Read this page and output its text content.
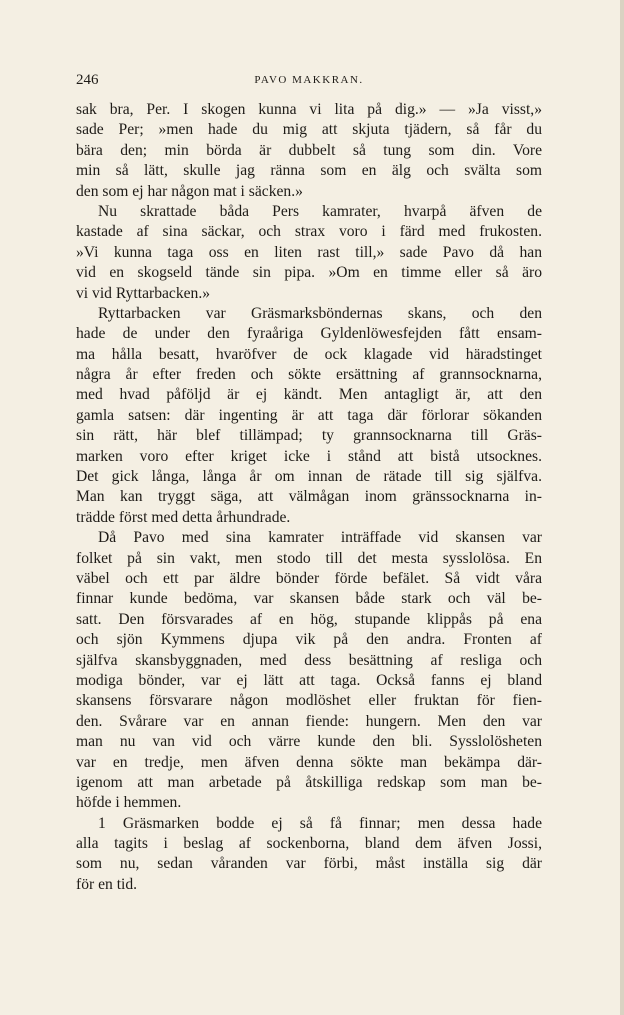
246	PAVO MAKKRAN.
sak bra, Per. I skogen kunna vi lita på dig.» — »Ja visst,»
sade Per; »men hade du mig att skjuta tjädern, så får du
bära den; min börda är dubbelt så tung som din. Vore
min så lätt, skulle jag ränna som en älg och svälta som
den som ej har någon mat i säcken.»
Nu skrattade båda Pers kamrater, hvarpå äfven de
kastade af sina säckar, och strax voro i färd med frukosten.
»Vi kunna taga oss en liten rast till,» sade Pavo då han
vid en skogseld tände sin pipa. »Om en timme eller så äro
vi vid Ryttarbacken.»
Ryttarbacken var Gräsmarksböndernas skans, och den
hade de under den fyraåriga Gyldenlöwesfejden fått ensam-
ma hålla besatt, hvaröfver de ock klagade vid häradstinget
några år efter freden och sökte ersättning af grannsocknarna,
med hvad påföljd är ej kändt. Men antagligt är, att den
gamla satsen: där ingenting är att taga där förlorar sökanden
sin rätt, här blef tillämpad; ty grannsocknarna till Gräs-
marken voro efter kriget icke i stånd att bistå utsocknes.
Det gick långa, långa år om innan de rätade till sig själfva.
Man kan tryggt säga, att välmågan inom gränssocknarna in-
trädde först med detta århundrade.
Då Pavo med sina kamrater inträffade vid skansen var
folket på sin vakt, men stodo till det mesta sysslolösa. En
väbel och ett par äldre bönder förde befälet. Så vidt våra
finnar kunde bedöma, var skansen både stark och väl be-
satt. Den försvarades af en hög, stupande klippås på ena
och sjön Kymmens djupa vik på den andra. Fronten af
själfva skansbyggnaden, med dess besättning af resliga och
modiga bönder, var ej lätt att taga. Också fanns ej bland
skansens försvarare någon modlöshet eller fruktan för fien-
den. Svårare var en annan fiende: hungern. Men den var
man nu van vid och värre kunde den bli. Sysslolösheten
var en tredje, men äfven denna sökte man bekämpa där-
igenom att man arbetade på åtskilliga redskap som man be-
höfde i hemmen.
1 Gräsmarken bodde ej så få finnar; men dessa hade
alla tagits i beslag af sockenborna, bland dem äfven Jossi,
som nu, sedan våranden var förbi, måst inställa sig där
för en tid.
